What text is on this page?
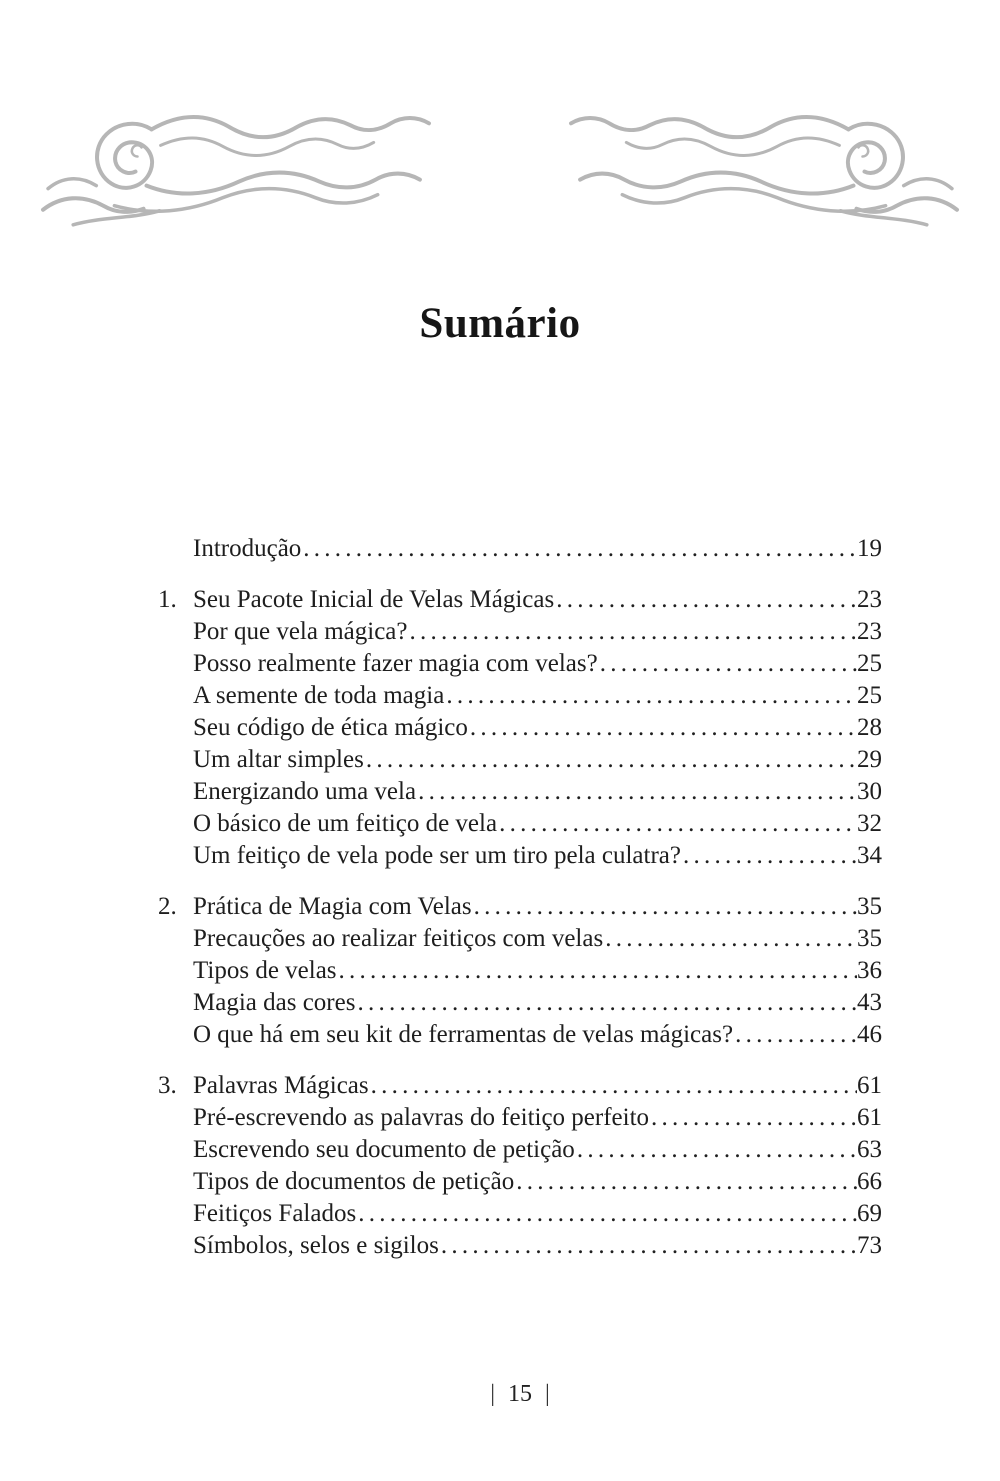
Sumário
Introdução . . .	19
1. Seu Pacote Inicial de Velas Mágicas . . .	23
Por que vela mágica? . . .	23
Posso realmente fazer magia com velas? . . .	25
A semente de toda magia . . .	25
Seu código de ética mágico . . .	28
Um altar simples . . .	29
Energizando uma vela . . .	30
O básico de um feitiço de vela . . .	32
Um feitiço de vela pode ser um tiro pela culatra? . . .	34
2. Prática de Magia com Velas . . .	35
Precauções ao realizar feitiços com velas . . .	35
Tipos de velas . . .	36
Magia das cores . . .	43
O que há em seu kit de ferramentas de velas mágicas? . . .	46
3. Palavras Mágicas . . .	61
Pré-escrevendo as palavras do feitiço perfeito . . .	61
Escrevendo seu documento de petição . . .	63
Tipos de documentos de petição . . .	66
Feitiços Falados . . .	69
Símbolos, selos e sigilos . . .	73
| 15 |
